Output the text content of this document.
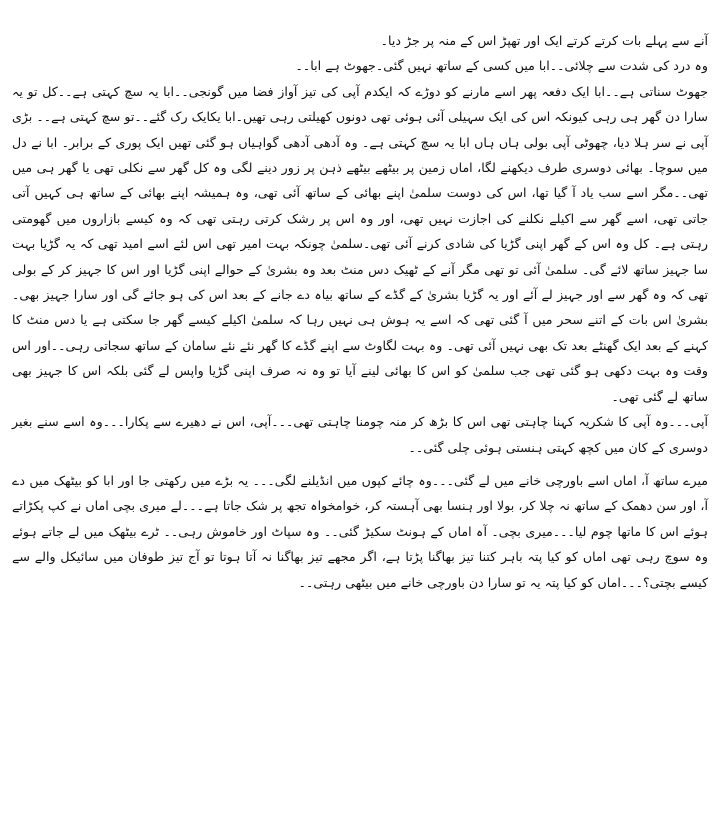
آنے سے پہلے بات کرتے کرتے ایک اور تھپڑ اس کے منہ پر جڑ دیا۔

وہ درد کی شدت سے چلائی۔۔ابا میں کسی کے ساتھ نہیں گئی۔جھوٹ ہے ابا۔۔

جھوٹ سناتی ہے۔۔ابا ایک دفعہ پھر اسے مارنے کو دوڑے کہ ایکدم آپی کی تیز آواز فضا میں گونجی۔۔ابا یہ سچ کہتی ہے۔۔کل تو یہ سارا دن گھر ہی رہی کیونکہ اس کی ایک سہیلی آئی ہوئی تھی دونوں کھیلتی رہی تھیں۔ابا یکایک رک گئے۔۔تو سچ کہتی ہے۔۔ بڑی آپی نے سر ہلا دیا، چھوٹی آپی بولی ہاں ہاں ابا یہ سچ کہتی ہے۔ وہ آدھی آدھی گواہیاں ہو گئی تھیں ایک پوری کے برابر۔ ابا نے دل میں سوچا۔ بھائی دوسری طرف دیکھنے لگا، اماں زمین پر بیٹھے بیٹھے ذہن پر زور دینے لگی وہ کل گھر سے نکلی تھی یا گھر ہی میں تھی۔۔مگر اسے سب یاد آ گیا تھا، اس کی دوست سلمیٰ اپنے بھائی کے ساتھ آئی تھی، وہ ہمیشہ اپنے بھائی کے ساتھ ہی کہیں آتی جاتی تھی، اسے گھر سے اکیلے نکلنے کی اجازت نہیں تھی، اور وہ اس پر رشک کرتی رہتی تھی کہ وہ کیسے بازاروں میں گھومتی رہتی ہے۔ کل وہ اس کے گھر اپنی گڑیا کی شادی کرنے آئی تھی۔سلمیٰ چونکہ بہت امیر تھی اس لئے اسے امید تھی کہ یہ گڑیا بہت سا جہیز ساتھ لائے گی۔ سلمیٰ آئی تو تھی مگر آنے کے ٹھیک دس منٹ بعد وہ بشریٰ کے حوالے اپنی گڑیا اور اس کا جہیز کر کے بولی تھی کہ وہ گھر سے اور جہیز لے آئے اور یہ گڑیا بشریٰ کے گڈے کے ساتھ بیاہ دے جانے کے بعد اس کی ہو جائے گی اور سارا جہیز بھی۔ بشریٰ اس بات کے اتنے سحر میں آ گئی تھی کہ اسے یہ ہوش ہی نہیں رہا کہ سلمیٰ اکیلے کیسے گھر جا سکتی ہے یا دس منٹ کا کہنے کے بعد ایک گھنٹے بعد تک بھی نہیں آئی تھی۔ وہ بہت لگاوٹ سے اپنے گڈے کا گھر نئے نئے سامان کے ساتھ سجاتی رہی۔۔اور اس وقت وہ بہت دکھی ہو گئی تھی جب سلمیٰ کو اس کا بھائی لینے آیا تو وہ نہ صرف اپنی گڑیا واپس لے گئی بلکہ اس کا جہیز بھی ساتھ لے گئی تھی۔

آپی۔۔۔وہ آپی کا شکریہ کہنا چاہتی تھی اس کا بڑھ کر منہ چومنا چاہتی تھی۔۔۔آپی، اس نے دھیرے سے پکارا۔۔۔وہ اسے سنے بغیر دوسری کے کان میں کچھ کہتی ہنستی ہوئی چلی گئی۔۔

میرے ساتھ آ، اماں اسے باورچی خانے میں لے گئی۔۔۔وہ چائے کپوں میں انڈیلنے لگی۔۔۔ یہ بڑے میں رکھتی جا اور ابا کو بیٹھک میں دے آ، اور سن دھمک کے ساتھ نہ چلا کر، بولا اور ہنسا بھی آہستہ کر، خوامخواہ تجھ پر شک جاتا ہے۔۔۔لے میری بچی اماں نے کپ پکڑاتے ہوئے اس کا ماتھا چوم لیا۔۔۔میری بچی۔ آہ اماں کے ہونٹ سکیڑ گئی۔۔ وہ سپاٹ اور خاموش رہی۔۔ ٹرے بیٹھک میں لے جاتے ہوئے وہ سوچ رہی تھی اماں کو کیا پتہ باہر کتنا تیز بھاگنا پڑتا ہے، اگر مجھے تیز بھاگنا نہ آتا ہوتا تو آج تیز طوفان میں سائیکل والے سے کیسے بچتی؟۔۔۔اماں کو کیا پتہ یہ تو سارا دن باورچی خانے میں بیٹھی رہتی۔۔
